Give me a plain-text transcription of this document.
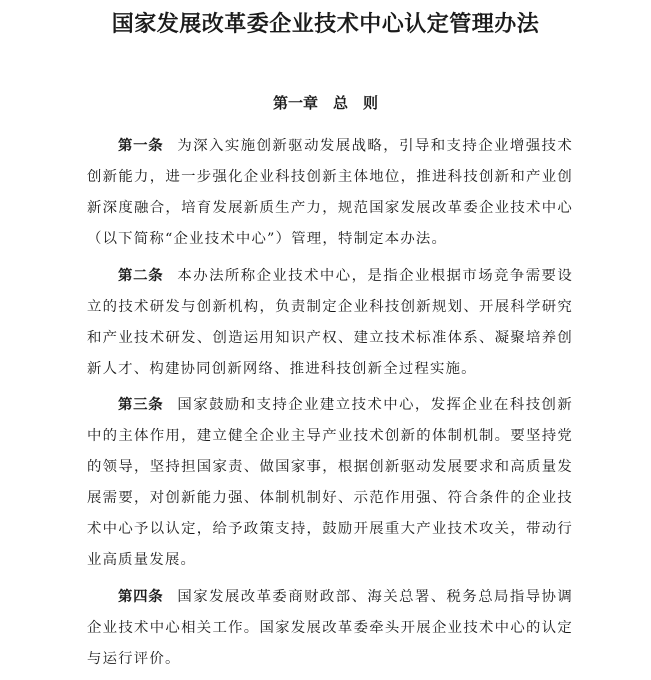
国家发展改革委企业技术中心认定管理办法
第一章　总　则

第一条 为深入实施创新驱动发展战略，引导和支持企业增强技术创新能力，进一步强化企业科技创新主体地位，推进科技创新和产业创新深度融合，培育发展新质生产力，规范国家发展改革委企业技术中心（以下简称“企业技术中心”）管理，特制定本办法。

第二条 本办法所称企业技术中心，是指企业根据市场竞争需要设立的技术研发与创新机构，负责制定企业科技创新规划、开展科学研究和产业技术研发、创造运用知识产权、建立技术标准体系、凝聚培养创新人才、构建协同创新网络、推进科技创新全过程实施。

第三条 国家鼓励和支持企业建立技术中心，发挥企业在科技创新中的主体作用，建立健全企业主导产业技术创新的体制机制。要坚持党的领导，坚持担国家责、做国家事，根据创新驱动发展要求和高质量发展需要，对创新能力强、体制机制好、示范作用强、符合条件的企业技术中心予以认定，给予政策支持，鼓励开展重大产业技术攻关，带动行业高质量发展。

第四条 国家发展改革委商财政部、海关总署、税务总局指导协调企业技术中心相关工作。国家发展改革委牵头开展企业技术中心的认定与运行评价。
